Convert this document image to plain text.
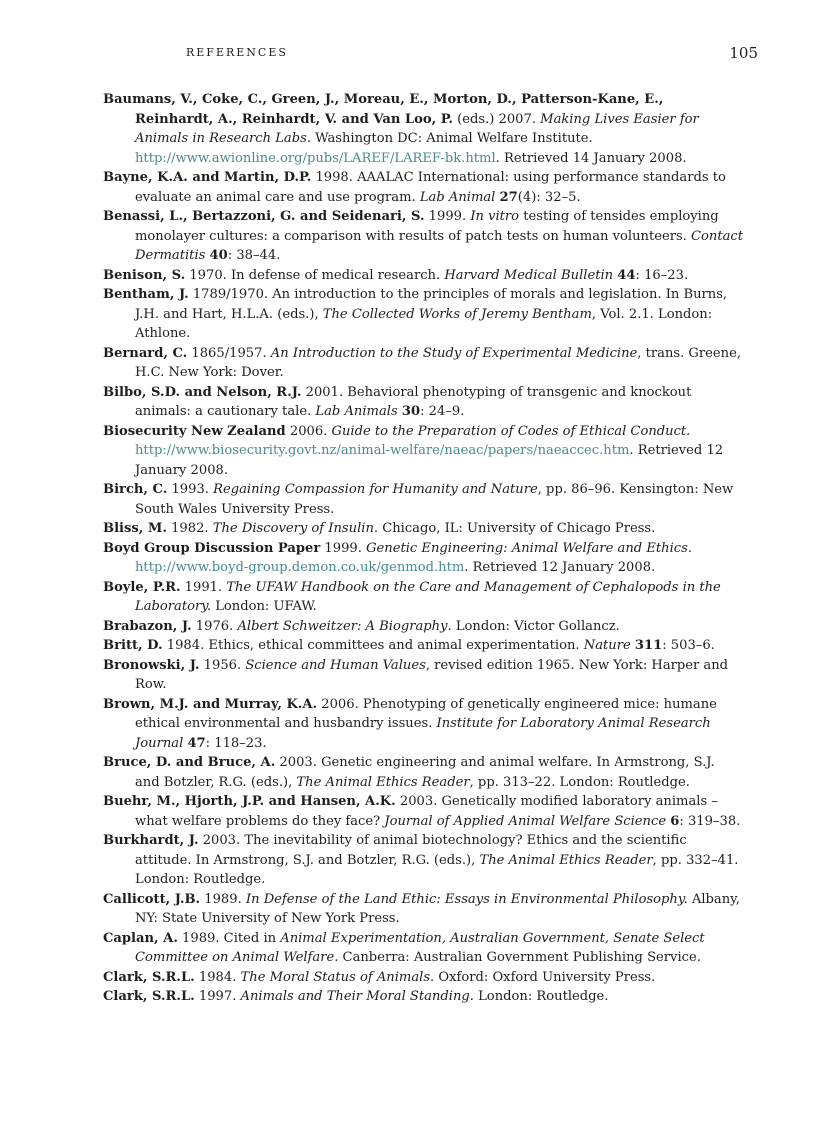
REFERENCES	105

Baumans, V., Coke, C., Green, J., Moreau, E., Morton, D., Patterson-Kane, E., Reinhardt, A., Reinhardt, V. and Van Loo, P. (eds.) 2007. Making Lives Easier for Animals in Research Labs. Washington DC: Animal Welfare Institute. http://www.awionline.org/pubs/LAREF/LAREF-bk.html. Retrieved 14 January 2008.

Bayne, K.A. and Martin, D.P. 1998. AAALAC International: using performance standards to evaluate an animal care and use program. Lab Animal 27(4): 32–5.

Benassi, L., Bertazzoni, G. and Seidenari, S. 1999. In vitro testing of tensides employing monolayer cultures: a comparison with results of patch tests on human volunteers. Contact Dermatitis 40: 38–44.

Benison, S. 1970. In defense of medical research. Harvard Medical Bulletin 44: 16–23.

Bentham, J. 1789/1970. An introduction to the principles of morals and legislation. In Burns, J.H. and Hart, H.L.A. (eds.), The Collected Works of Jeremy Bentham, Vol. 2.1. London: Athlone.

Bernard, C. 1865/1957. An Introduction to the Study of Experimental Medicine, trans. Greene, H.C. New York: Dover.

Bilbo, S.D. and Nelson, R.J. 2001. Behavioral phenotyping of transgenic and knockout animals: a cautionary tale. Lab Animals 30: 24–9.

Biosecurity New Zealand 2006. Guide to the Preparation of Codes of Ethical Conduct. http://www.biosecurity.govt.nz/animal-welfare/naeac/papers/naeaccec.htm. Retrieved 12 January 2008.

Birch, C. 1993. Regaining Compassion for Humanity and Nature, pp. 86–96. Kensington: New South Wales University Press.

Bliss, M. 1982. The Discovery of Insulin. Chicago, IL: University of Chicago Press.

Boyd Group Discussion Paper 1999. Genetic Engineering: Animal Welfare and Ethics. http://www.boyd-group.demon.co.uk/genmod.htm. Retrieved 12 January 2008.

Boyle, P.R. 1991. The UFAW Handbook on the Care and Management of Cephalopods in the Laboratory. London: UFAW.

Brabazon, J. 1976. Albert Schweitzer: A Biography. London: Victor Gollancz.

Britt, D. 1984. Ethics, ethical committees and animal experimentation. Nature 311: 503–6.

Bronowski, J. 1956. Science and Human Values, revised edition 1965. New York: Harper and Row.

Brown, M.J. and Murray, K.A. 2006. Phenotyping of genetically engineered mice: humane ethical environmental and husbandry issues. Institute for Laboratory Animal Research Journal 47: 118–23.

Bruce, D. and Bruce, A. 2003. Genetic engineering and animal welfare. In Armstrong, S.J. and Botzler, R.G. (eds.), The Animal Ethics Reader, pp. 313–22. London: Routledge.

Buehr, M., Hjorth, J.P. and Hansen, A.K. 2003. Genetically modified laboratory animals – what welfare problems do they face? Journal of Applied Animal Welfare Science 6: 319–38.

Burkhardt, J. 2003. The inevitability of animal biotechnology? Ethics and the scientific attitude. In Armstrong, S.J. and Botzler, R.G. (eds.), The Animal Ethics Reader, pp. 332–41. London: Routledge.

Callicott, J.B. 1989. In Defense of the Land Ethic: Essays in Environmental Philosophy. Albany, NY: State University of New York Press.

Caplan, A. 1989. Cited in Animal Experimentation, Australian Government, Senate Select Committee on Animal Welfare. Canberra: Australian Government Publishing Service.

Clark, S.R.L. 1984. The Moral Status of Animals. Oxford: Oxford University Press.

Clark, S.R.L. 1997. Animals and Their Moral Standing. London: Routledge.
